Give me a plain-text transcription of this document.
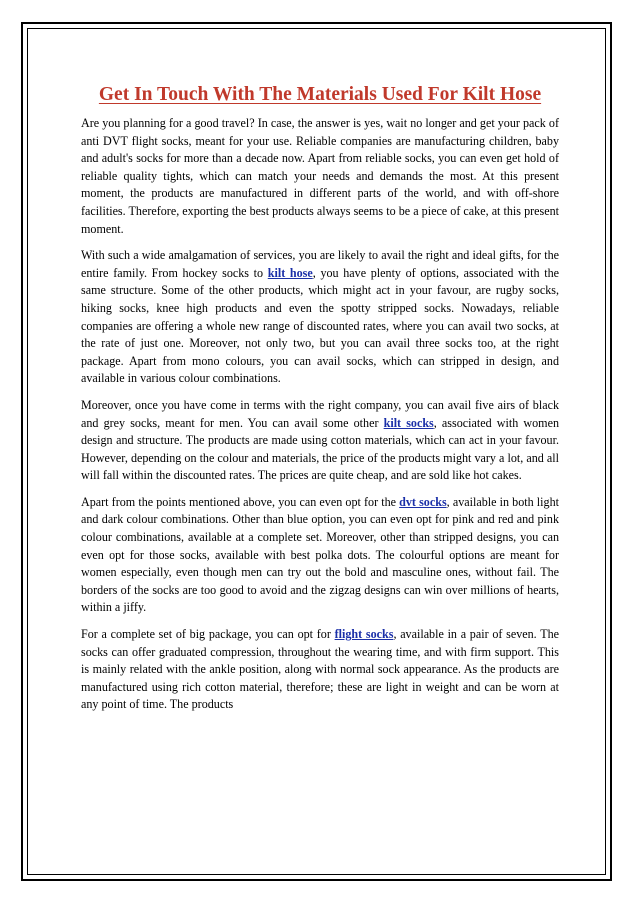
Get In Touch With The Materials Used For Kilt Hose

Are you planning for a good travel? In case, the answer is yes, wait no longer and get your pack of anti DVT flight socks, meant for your use. Reliable companies are manufacturing children, baby and adult's socks for more than a decade now. Apart from reliable socks, you can even get hold of reliable quality tights, which can match your needs and demands the most. At this present moment, the products are manufactured in different parts of the world, and with off-shore facilities. Therefore, exporting the best products always seems to be a piece of cake, at this present moment.

With such a wide amalgamation of services, you are likely to avail the right and ideal gifts, for the entire family. From hockey socks to kilt hose, you have plenty of options, associated with the same structure. Some of the other products, which might act in your favour, are rugby socks, hiking socks, knee high products and even the spotty stripped socks. Nowadays, reliable companies are offering a whole new range of discounted rates, where you can avail two socks, at the rate of just one. Moreover, not only two, but you can avail three socks too, at the right package. Apart from mono colours, you can avail socks, which can stripped in design, and available in various colour combinations.

Moreover, once you have come in terms with the right company, you can avail five airs of black and grey socks, meant for men. You can avail some other kilt socks, associated with women design and structure. The products are made using cotton materials, which can act in your favour. However, depending on the colour and materials, the price of the products might vary a lot, and all will fall within the discounted rates. The prices are quite cheap, and are sold like hot cakes.

Apart from the points mentioned above, you can even opt for the dvt socks, available in both light and dark colour combinations. Other than blue option, you can even opt for pink and red and pink colour combinations, available at a complete set. Moreover, other than stripped designs, you can even opt for those socks, available with best polka dots. The colourful options are meant for women especially, even though men can try out the bold and masculine ones, without fail. The borders of the socks are too good to avoid and the zigzag designs can win over millions of hearts, within a jiffy.

For a complete set of big package, you can opt for flight socks, available in a pair of seven. The socks can offer graduated compression, throughout the wearing time, and with firm support. This is mainly related with the ankle position, along with normal sock appearance. As the products are manufactured using rich cotton material, therefore; these are light in weight and can be worn at any point of time. The products
